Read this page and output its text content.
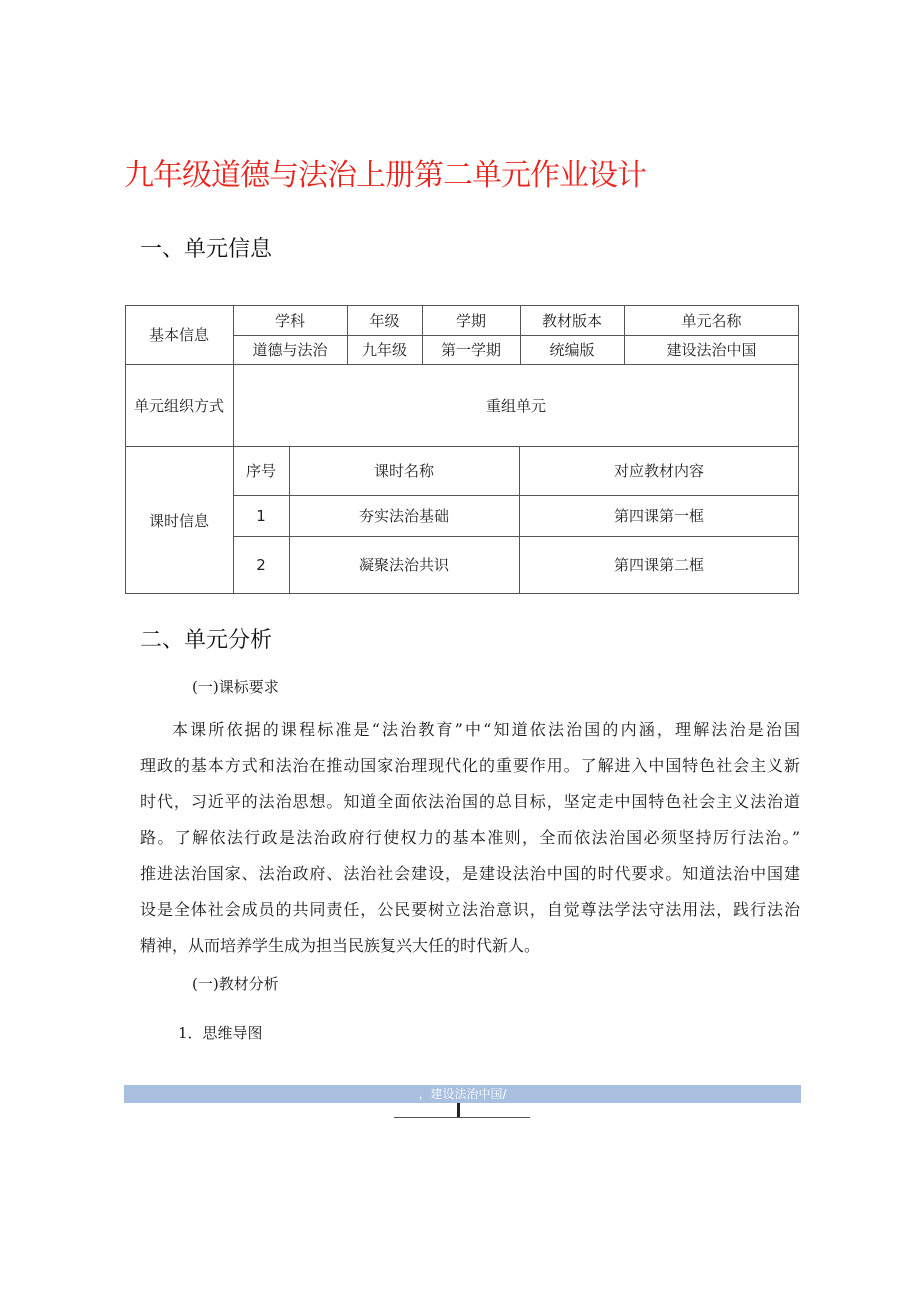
九年级道德与法治上册第二单元作业设计
一、单元信息
基本信息
学科	年级	学期	教材版本	单元名称
道德与法治	九年级	第一学期	统编版	建设法治中国
单元组织方式	重组单元
课时信息
序号	课时名称	对应教材内容
1	夯实法治基础	第四课第一框
2	凝聚法治共识	第四课第二框
二、单元分析
(一)课标要求
本课所依据的课程标准是“法治教育”中“知道依法治国的内涵，理解法治是治国
理政的基本方式和法治在推动国家治理现代化的重要作用。了解进入中国特色社会主义新
时代，习近平的法治思想。知道全面依法治国的总目标，坚定走中国特色社会主义法治道
路。了解依法行政是法治政府行使权力的基本准则，全而依法治国必须坚持厉行法治。”
推进法治国家、法治政府、法治社会建设，是建设法治中国的时代要求。知道法治中国建
设是全体社会成员的共同责任，公民要树立法治意识，自觉尊法学法守法用法，践行法治
精神，从而培养学生成为担当民族复兴大任的时代新人。
(一)教材分析
1．思维导图
，建设法治中国/
